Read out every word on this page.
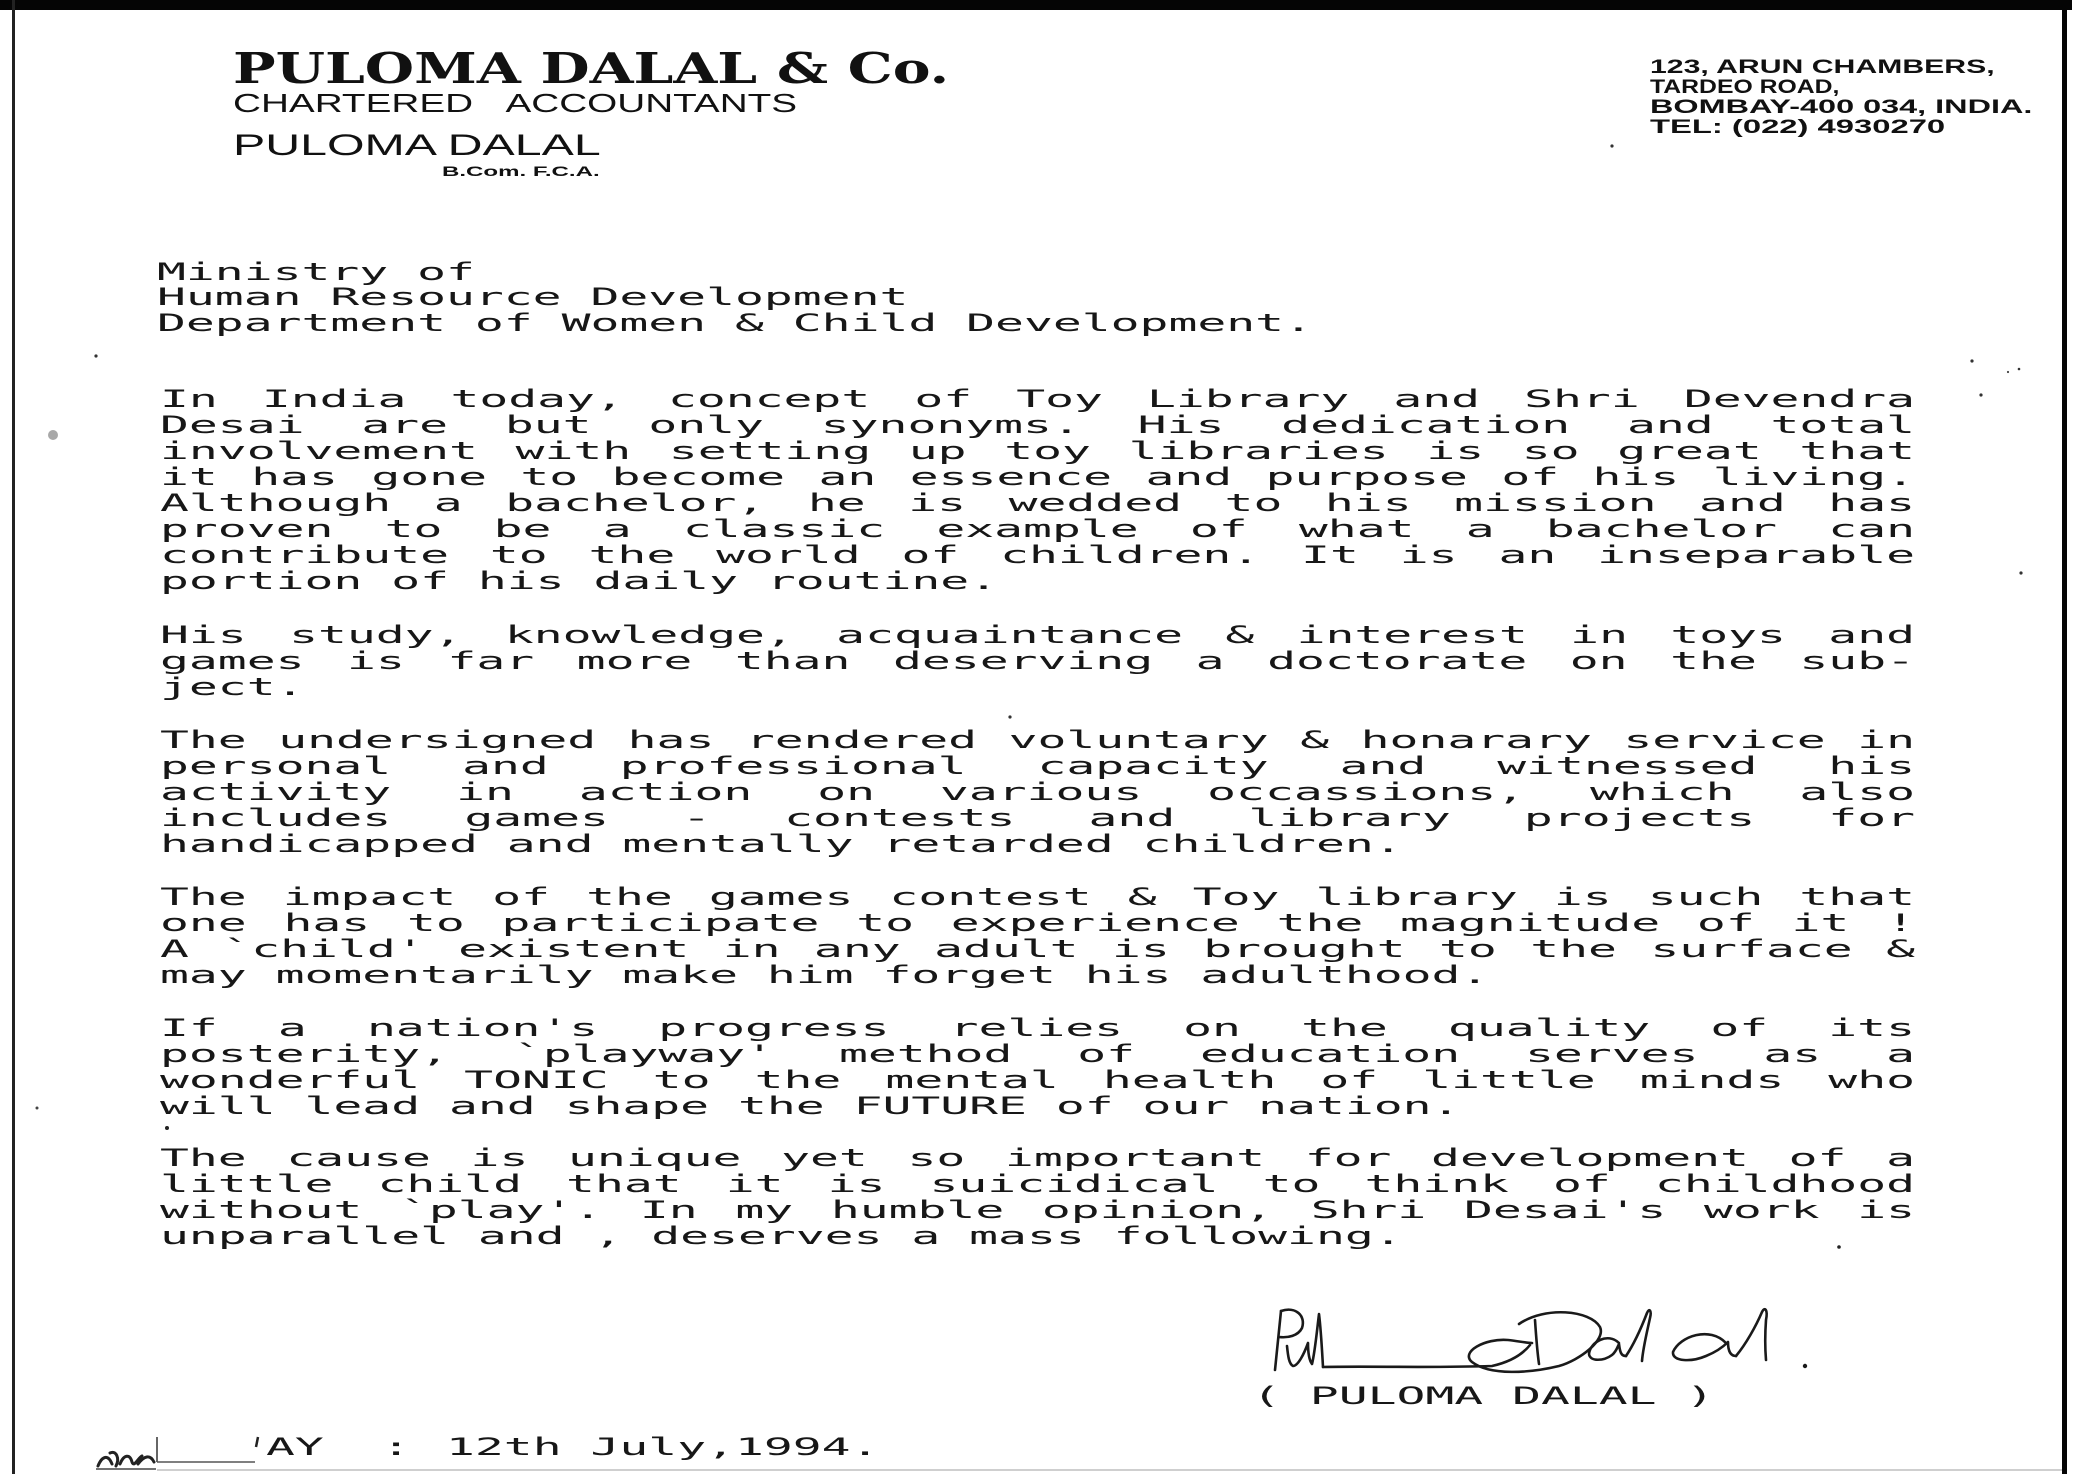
PULOMA DALAL & Co.
CHARTERED ACCOUNTANTS
PULOMA DALAL
B.Com. F.C.A.
123, ARUN CHAMBERS,
TARDEO ROAD,
BOMBAY-400 034, INDIA.
TEL: (022) 4930270
Ministry of
Human Resource Development
Department of Women & Child Development.
In India today, concept of Toy Library and Shri Devendra
Desai are but only synonyms. His dedication and total
involvement with setting up toy libraries is so great that
it has gone to become an essence and purpose of his living.
Although a bachelor, he is wedded to his mission and has
proven to be a classic example of what a bachelor can
contribute to the world of children. It is an inseparable
portion of his daily routine.
His study, knowledge, acquaintance & interest in toys and
games is far more than deserving a doctorate on the sub-
ject.
The undersigned has rendered voluntary & honarary service in
personal and professional capacity and witnessed his
activity in action on various occassions, which also
includes games - contests and library projects for
handicapped and mentally retarded children.
The impact of the games contest & Toy library is such that
one has to participate to experience the magnitude of it !
A `child' existent in any adult is brought to the surface &
may momentarily make him forget his adulthood.
If a nation's progress relies on the quality of its
posterity, `playway' method of education serves as a
wonderful TONIC to the mental health of little minds who
will lead and shape the FUTURE of our nation.
The cause is unique yet so important for development of a
little child that it is suicidical to think of childhood
without `play'. In my humble opinion, Shri Desai's work is
unparallel and , deserves a mass following.
( PULOMA DALAL )
AY :	12th July,1994.
